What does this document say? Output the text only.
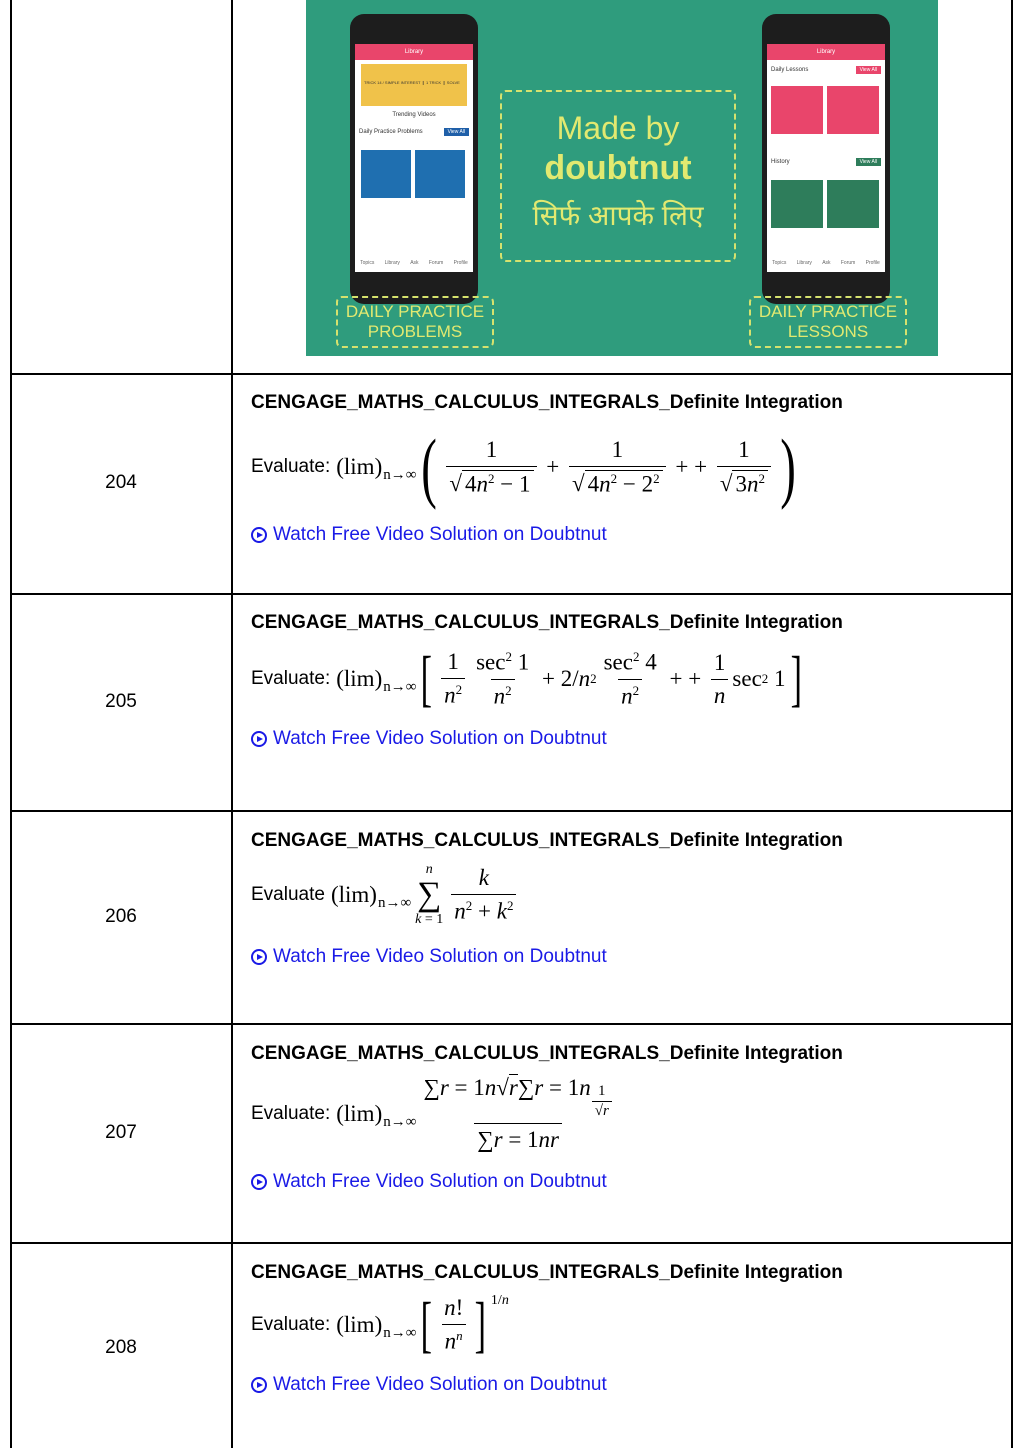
Library
TRICK 14 / SIMPLE INTEREST ❙ 1 TRICK ❙ SOLVE
Trending Videos
Daily Practice Problems	View All
Topics Library Ask Forum Profile
Made by
doubtnut
सिर्फ आपके लिए
Library
Daily Lessons	View All
History	View All
Topics Library Ask Forum Profile
DAILY PRACTICE PROBLEMS
DAILY PRACTICE LESSONS
204

CENGAGE_MATHS_CALCULUS_INTEGRALS_Definite Integration

Evaluate: (lim) n→∞ ( $\frac{1}{√ 4n^2 - 1} + \frac{1}{√ 4n^2 - 2^2}$ + + $\frac{1}{√ 3n^2}$ )
Watch Free Video Solution on Doubtnut
205

CENGAGE_MATHS_CALCULUS_INTEGRALS_Definite Integration

Evaluate: (lim) n→∞ [ $\frac{1}{n^2} \frac{\sec^2 1}{n^2} + 2/$ n $2 \frac{\sec^2 4}{n^2}$ + + $\frac{1}{n}$ sec 2 1 ]
Watch Free Video Solution on Doubtnut
206

CENGAGE_MATHS_CALCULUS_INTEGRALS_Definite Integration

Evaluate (lim) n→∞
n
∑
$k = 1 \frac{k}{n^2 + k^2}$
Watch Free Video Solution on Doubtnut
207

CENGAGE_MATHS_CALCULUS_INTEGRALS_Definite Integration

Evaluate: (lim) $n\to\infty \frac{\sum r = 1n√r\sum r = 1n \frac{1}{√r}}{\sum r = 1nr}$
Watch Free Video Solution on Doubtnut
208

CENGAGE_MATHS_CALCULUS_INTEGRALS_Definite Integration

Evaluate: (lim) n→∞ [ $\frac{n!}{n^n}$ ] 1/n
Watch Free Video Solution on Doubtnut
